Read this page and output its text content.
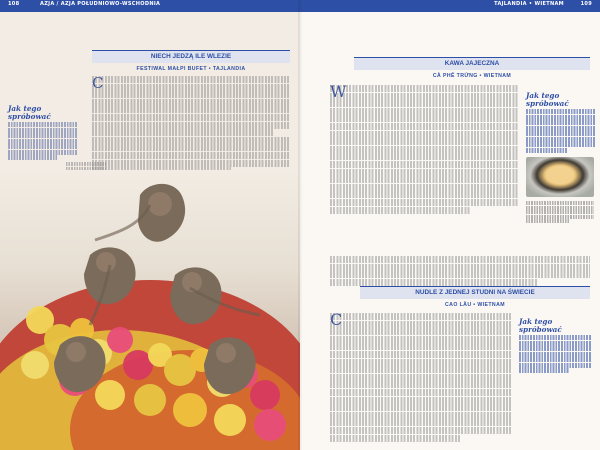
108	AZJA / AZJA POŁUDNIOWO-WSCHODNIA
NIECH JEDZĄ ILE WLEZIE
FESTIWAL MAŁPI BUFET • TAJLANDIA
C
Jak tego spróbować
TAJLANDIA • WIETNAM	109
KAWA JAJECZNA
CÀ PHÊ TRỨNG • WIETNAM
W	Jak tego spróbować
NUDLE Z JEDNEJ STUDNI NA ŚWIECIE
CAO LẦU • WIETNAM
C	Jak tego spróbować
